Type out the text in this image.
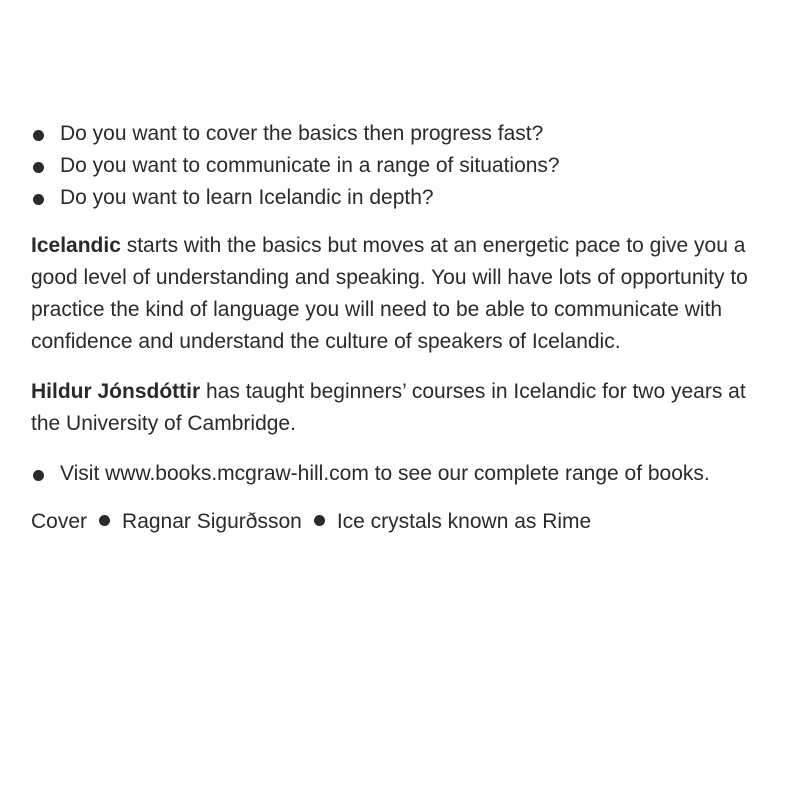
Do you want to cover the basics then progress fast?
Do you want to communicate in a range of situations?
Do you want to learn Icelandic in depth?

Icelandic starts with the basics but moves at an energetic pace to give you a good level of understanding and speaking. You will have lots of opportunity to practice the kind of language you will need to be able to communicate with confidence and understand the culture of speakers of Icelandic.

Hildur Jónsdóttir has taught beginners’ courses in Icelandic for two years at the University of Cambridge.

Visit www.books.mcgraw-hill.com to see our complete range of books.
Cover Ragnar Sigurðsson Ice crystals known as Rime
